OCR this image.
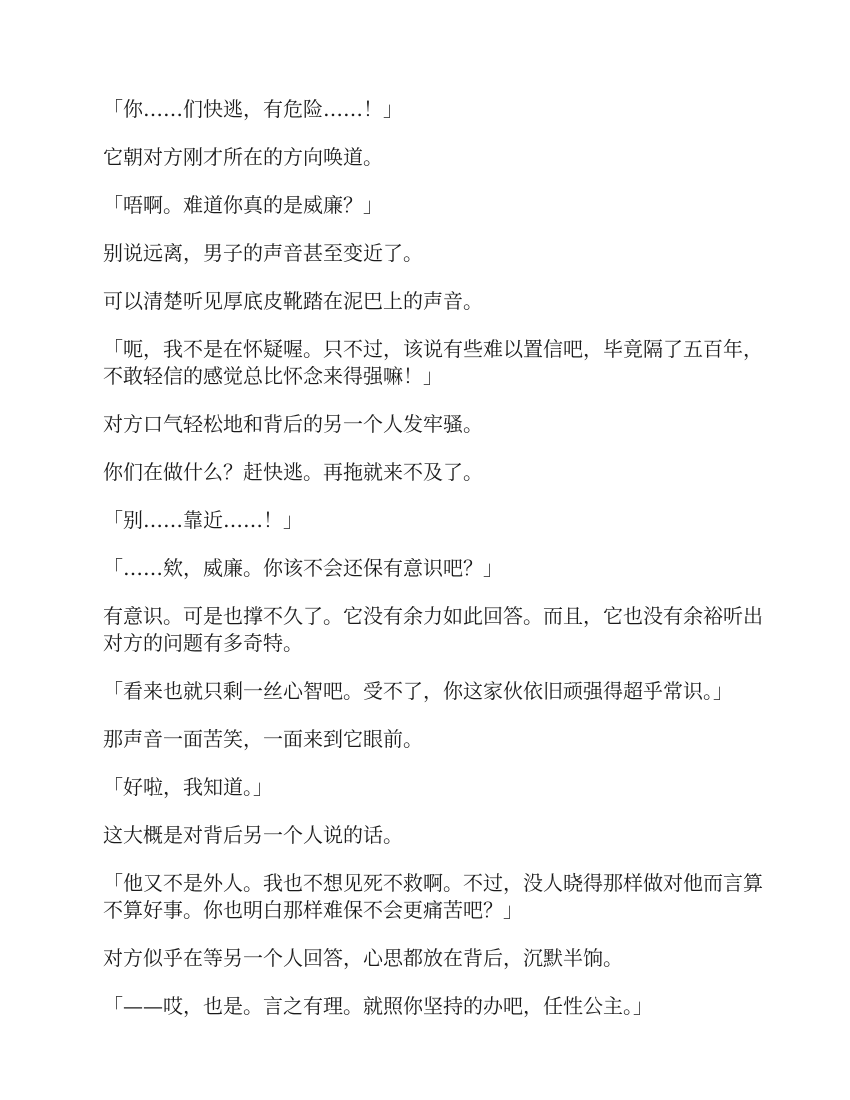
「你……们快逃，有危险……！」

它朝对方刚才所在的方向唤道。

「唔啊。难道你真的是威廉？」

别说远离，男子的声音甚至变近了。

可以清楚听见厚底皮靴踏在泥巴上的声音。

「呃，我不是在怀疑喔。只不过，该说有些难以置信吧，毕竟隔了五百年，不敢轻信的感觉总比怀念来得强嘛！」

对方口气轻松地和背后的另一个人发牢骚。

你们在做什么？赶快逃。再拖就来不及了。

「别……靠近……！」

「……欸，威廉。你该不会还保有意识吧？」

有意识。可是也撑不久了。它没有余力如此回答。而且，它也没有余裕听出对方的问题有多奇特。

「看来也就只剩一丝心智吧。受不了，你这家伙依旧顽强得超乎常识。」

那声音一面苦笑，一面来到它眼前。

「好啦，我知道。」

这大概是对背后另一个人说的话。

「他又不是外人。我也不想见死不救啊。不过，没人晓得那样做对他而言算不算好事。你也明白那样难保不会更痛苦吧？」

对方似乎在等另一个人回答，心思都放在背后，沉默半饷。

「——哎，也是。言之有理。就照你坚持的办吧，任性公主。」
